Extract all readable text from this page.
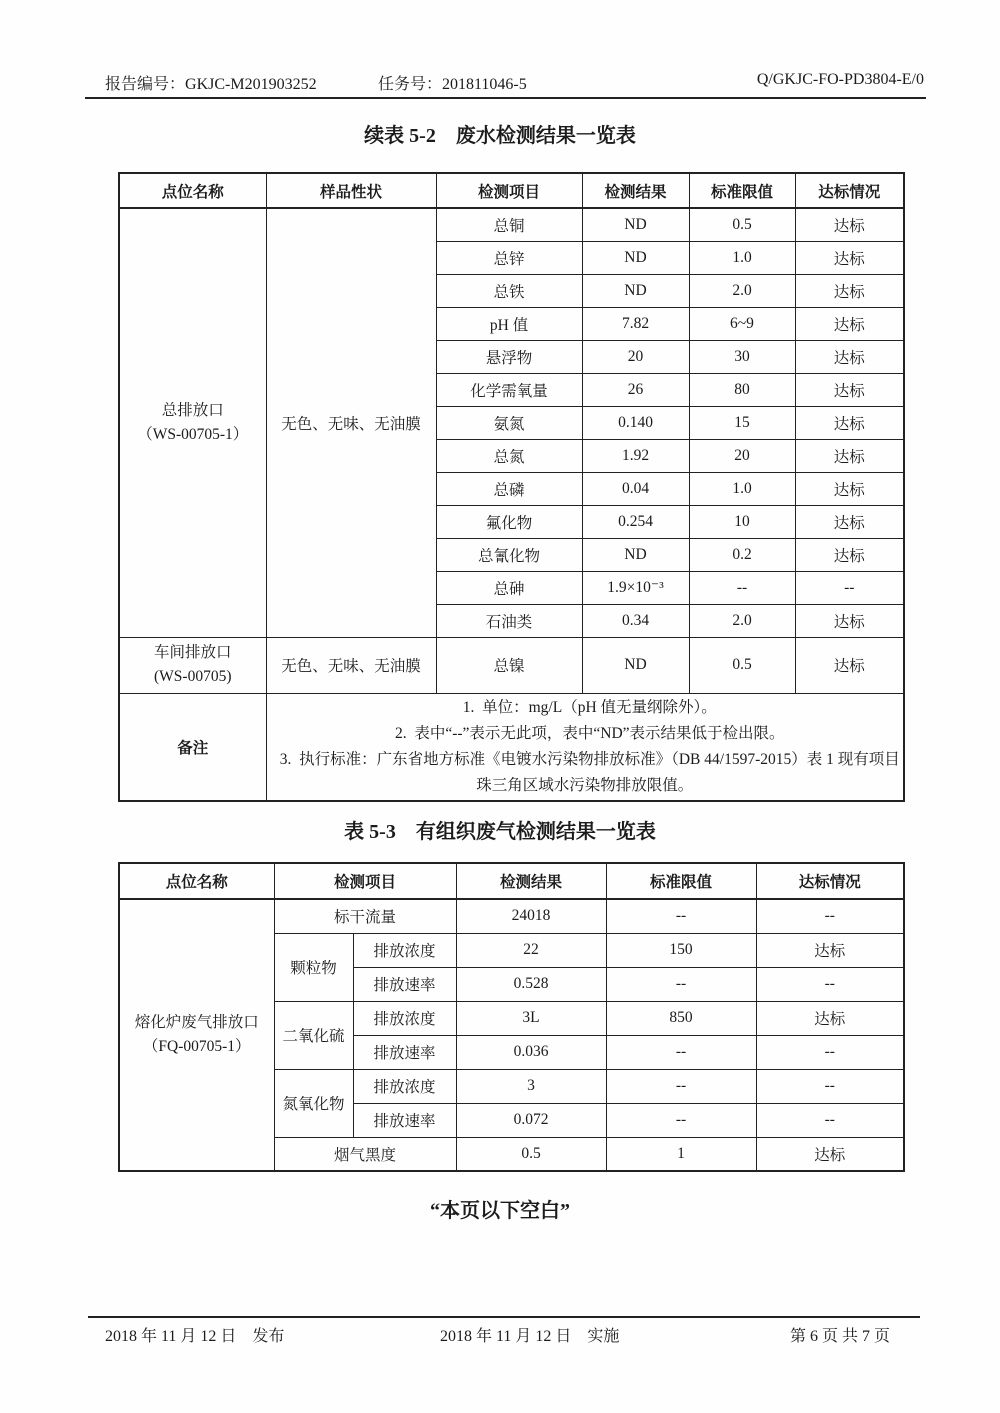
报告编号：GKJC-M201903252	任务号：201811046-5	Q/GKJC-FO-PD3804-E/0
续表 5-2　废水检测结果一览表
点位名称	样品性状	检测项目	检测结果	标准限值	达标情况

总排放口
（WS-00705-1）	无色、无味、无油膜	总铜	ND	0.5	达标
		总锌	ND	1.0	达标
		总铁	ND	2.0	达标
		pH 值	7.82	6~9	达标
		悬浮物	20	30	达标
		化学需氧量	26	80	达标
		氨氮	0.140	15	达标
		总氮	1.92	20	达标
		总磷	0.04	1.0	达标
		氟化物	0.254	10	达标
		总氰化物	ND	0.2	达标
		总砷	1.9×10⁻³	--	--
		石油类	0.34	2.0	达标

车间排放口
(WS-00705)	无色、无味、无油膜	总镍	ND	0.5	达标
备注	1.  单位：mg/L（pH 值无量纲除外）。
2.  表中“--”表示无此项，表中“ND”表示结果低于检出限。
3.  执行标准：广东省地方标准《电镀水污染物排放标准》（DB 44/1597-2015）表 1 现有项目珠三角区域水污染物排放限值。				
表 5-3　有组织废气检测结果一览表
点位名称	检测项目		检测结果	标准限值	达标情况

熔化炉废气排放口
（FQ-00705-1）	标干流量		24018	--	--
	颗粒物	排放浓度	22	150	达标
		排放速率	0.528	--	--
	二氧化硫	排放浓度	3L	850	达标
		排放速率	0.036	--	--
	氮氧化物	排放浓度	3	--	--
		排放速率	0.072	--	--
	烟气黑度		0.5	1	达标
“本页以下空白”
2018 年 11 月 12 日　发布	2018 年 11 月 12 日　实施	第 6 页 共 7 页
